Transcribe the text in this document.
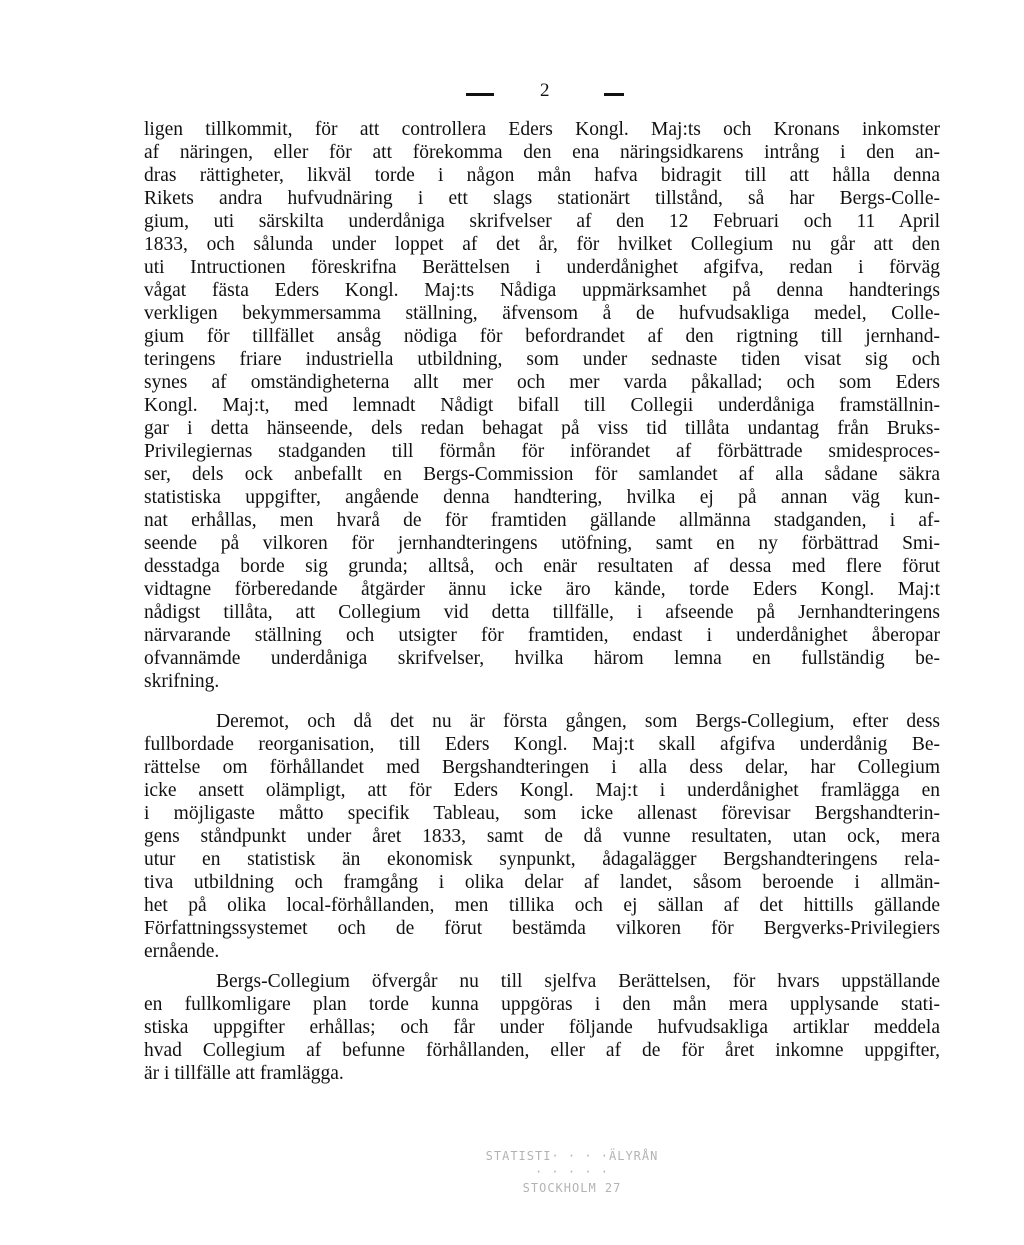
2
ligen tillkommit, för att controllera Eders Kongl. Maj:ts och Kronans inkomster
af näringen, eller för att förekomma den ena näringsidkarens intrång i den an-
dras rättigheter, likväl torde i någon mån hafva bidragit till att hålla denna
Rikets andra hufvudnäring i ett slags stationärt tillstånd, så har Bergs-Colle-
gium, uti särskilta underdåniga skrifvelser af den 12 Februari och 11 April
1833, och sålunda under loppet af det år, för hvilket Collegium nu går att den
uti Intructionen föreskrifna Berättelsen i underdånighet afgifva, redan i förväg
vågat fästa Eders Kongl. Maj:ts Nådiga uppmärksamhet på denna handterings
verkligen bekymmersamma ställning, äfvensom å de hufvudsakliga medel, Colle-
gium för tillfället ansåg nödiga för befordrandet af den rigtning till jernhand-
teringens friare industriella utbildning, som under sednaste tiden visat sig och
synes af omständigheterna allt mer och mer varda påkallad; och som Eders
Kongl. Maj:t, med lemnadt Nådigt bifall till Collegii underdåniga framställnin-
gar i detta hänseende, dels redan behagat på viss tid tillåta undantag från Bruks-
Privilegiernas stadganden till förmån för införandet af förbättrade smidesproces-
ser, dels ock anbefallt en Bergs-Commission för samlandet af alla sådane säkra
statistiska uppgifter, angående denna handtering, hvilka ej på annan väg kun-
nat erhållas, men hvarå de för framtiden gällande allmänna stadganden, i af-
seende på vilkoren för jernhandteringens utöfning, samt en ny förbättrad Smi-
desstadga borde sig grunda; alltså, och enär resultaten af dessa med flere förut
vidtagne förberedande åtgärder ännu icke äro kände, torde Eders Kongl. Maj:t
nådigst tillåta, att Collegium vid detta tillfälle, i afseende på Jernhandteringens
närvarande ställning och utsigter för framtiden, endast i underdånighet åberopar
ofvannämde underdåniga skrifvelser, hvilka härom lemna en fullständig be-
skrifning.
Deremot, och då det nu är första gången, som Bergs-Collegium, efter dess
fullbordade reorganisation, till Eders Kongl. Maj:t skall afgifva underdånig Be-
rättelse om förhållandet med Bergshandteringen i alla dess delar, har Collegium
icke ansett olämpligt, att för Eders Kongl. Maj:t i underdånighet framlägga en
i möjligaste måtto specifik Tableau, som icke allenast förevisar Bergshandterin-
gens ståndpunkt under året 1833, samt de då vunne resultaten, utan ock, mera
utur en statistisk än ekonomisk synpunkt, ådagalägger Bergshandteringens rela-
tiva utbildning och framgång i olika delar af landet, såsom beroende i allmän-
het på olika local-förhållanden, men tillika och ej sällan af det hittills gällande
Författningssystemet och de förut bestämda vilkoren för Bergverks-Privilegiers
ernående.
Bergs-Collegium öfvergår nu till sjelfva Berättelsen, för hvars uppställande
en fullkomligare plan torde kunna uppgöras i den mån mera upplysande stati-
stiska uppgifter erhållas; och får under följande hufvudsakliga artiklar meddela
hvad Collegium af befunne förhållanden, eller af de för året inkomne uppgifter,
är i tillfälle att framlägga.
STATISTI· · · ·ÄLYRÅN
· · · · ·
STOCKHOLM 27
